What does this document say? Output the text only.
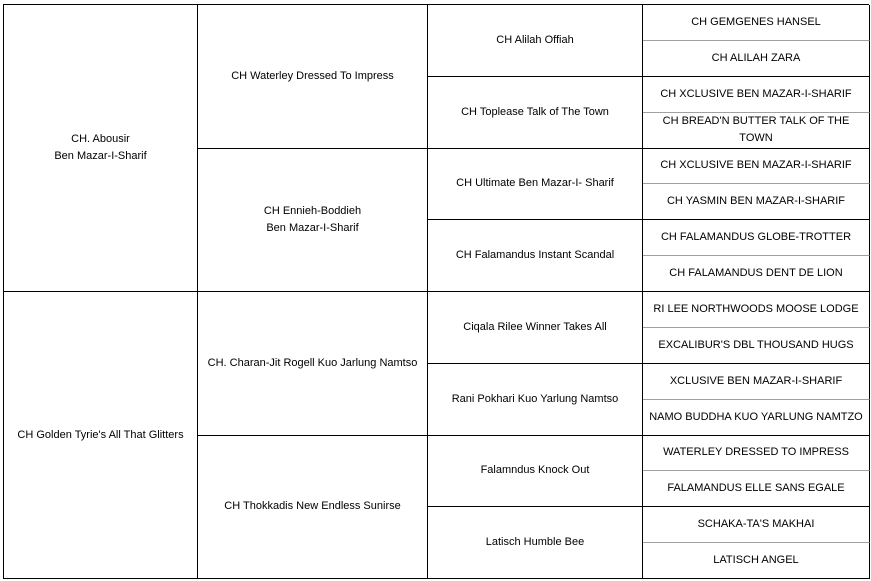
CH. Abousir
Ben Mazar-I-Sharif
CH Golden Tyrie's All That Glitters
CH Waterley Dressed To Impress
CH Ennieh-Boddieh
Ben Mazar-I-Sharif
CH. Charan-Jit Rogell Kuo Jarlung Namtso
CH Thokkadis New Endless Sunirse
CH Alilah Offiah
CH Toplease Talk of The Town
CH Ultimate Ben Mazar-I- Sharif
CH Falamandus Instant Scandal
Ciqala Rilee Winner Takes All
Rani Pokhari Kuo Yarlung Namtso
Falamndus Knock Out
Latisch Humble Bee
CH GEMGENES HANSEL
CH ALILAH ZARA
CH XCLUSIVE BEN MAZAR-I-SHARIF
CH BREAD'N BUTTER TALK OF THE TOWN
CH XCLUSIVE BEN MAZAR-I-SHARIF
CH YASMIN BEN MAZAR-I-SHARIF
CH FALAMANDUS GLOBE-TROTTER
CH FALAMANDUS DENT DE LION
RI LEE NORTHWOODS MOOSE LODGE
EXCALIBUR'S DBL THOUSAND HUGS
XCLUSIVE BEN MAZAR-I-SHARIF
NAMO BUDDHA KUO YARLUNG NAMTZO
WATERLEY DRESSED TO IMPRESS
FALAMANDUS ELLE SANS EGALE
SCHAKA-TA'S MAKHAI
LATISCH ANGEL
